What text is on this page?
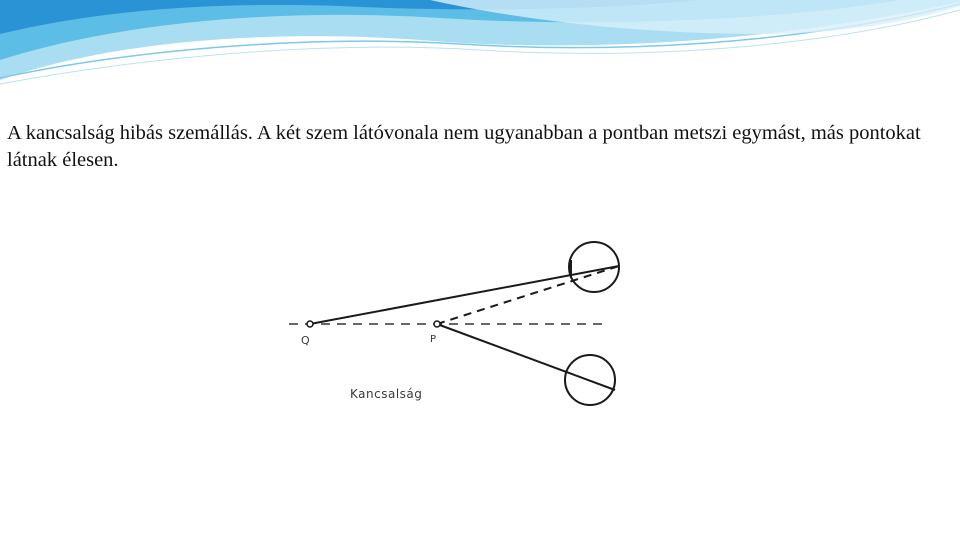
A kancsalság hibás szemállás. A két szem látóvonala nem ugyanabban a pontban metszi egymást, más pontokat látnak élesen.
Q	P
Kancsalság
